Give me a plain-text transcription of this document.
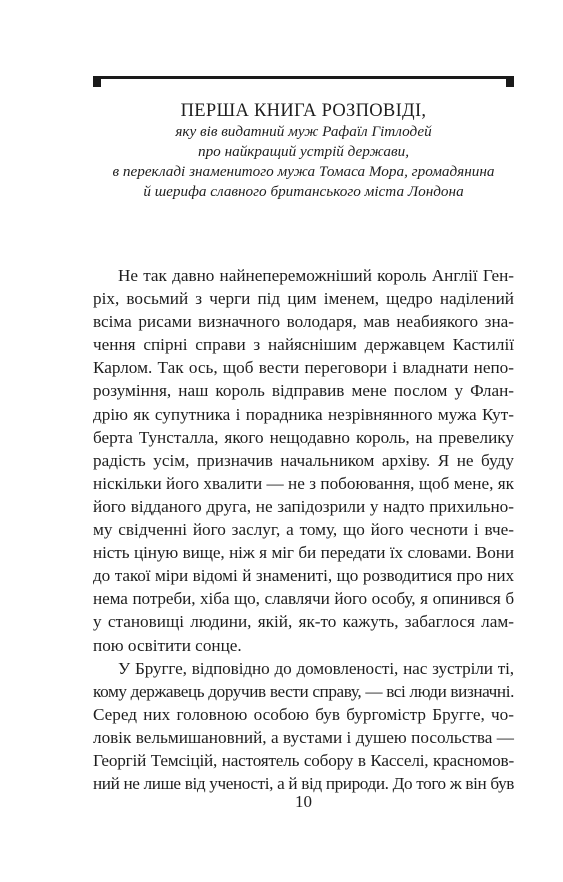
ПЕРША КНИГА РОЗПОВІДІ,
яку вів видатний муж Рафаїл Гітлодей
про найкращий устрій держави,
в перекладі знаменитого мужа Томаса Мора, громадянина
й шерифа славного британського міста Лондона
Не так давно найнепереможніший король Англії Ген-
ріх, восьмий з черги під цим іменем, щедро наділений
всіма рисами визначного володаря, мав неабиякого зна-
чення спірні справи з найяснішим державцем Кастилії
Карлом. Так ось, щоб вести переговори і владнати непо-
розуміння, наш король відправив мене послом у Флан-
дрію як супутника і порадника незрівнянного мужа Кут-
берта Тунсталла, якого нещодавно король, на превелику
радість усім, призначив начальником архіву. Я не буду
ніскільки його хвалити — не з побоювання, щоб мене, як
його відданого друга, не запідозрили у надто прихильно-
му свідченні його заслуг, а тому, що його чесноти і вче-
ність ціную вище, ніж я міг би передати їх словами. Вони
до такої міри відомі й знамениті, що розводитися про них
нема потреби, хіба що, славлячи його особу, я опинився б
у становищі людини, якій, як-то кажуть, забаглося лам-
пою освітити сонце.
У Бругге, відповідно до домовленості, нас зустріли ті,
кому державець доручив вести справу, — всі люди визначні.
Серед них головною особою був бургомістр Бругге, чо-
ловік вельмишановний, а вустами і душею посольства —
Георгій Темсіцій, настоятель собору в Касселі, красномов-
ний не лише від ученості, а й від природи. До того ж він був
10
